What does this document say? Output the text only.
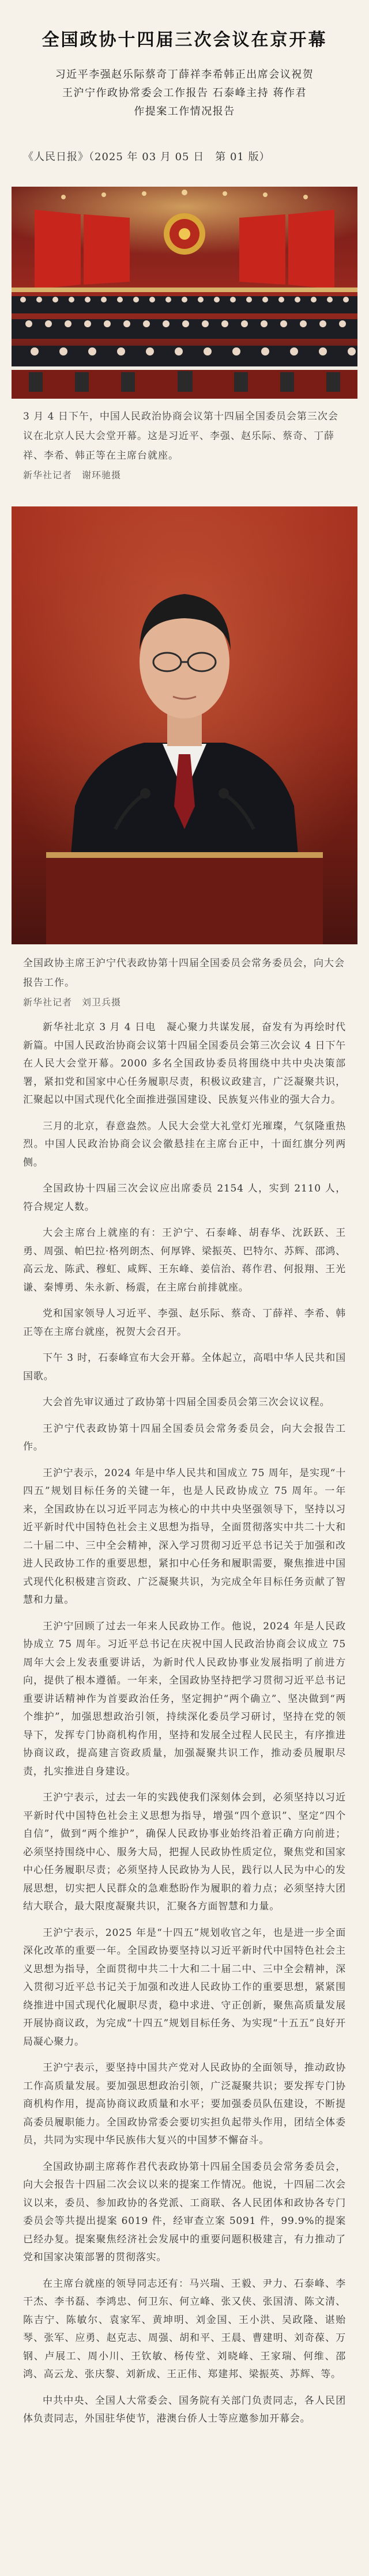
全国政协十四届三次会议在京开幕
习近平李强赵乐际蔡奇丁薛祥李希韩正出席会议祝贺
王沪宁作政协常委会工作报告 石泰峰主持 蒋作君
作提案工作情况报告
《人民日报》（2025 年 03 月 05 日　第 01 版）
3 月 4 日下午，中国人民政治协商会议第十四届全国委员会第三次会议在北京人民大会堂开幕。这是习近平、李强、赵乐际、蔡奇、丁薛祥、李希、韩正等在主席台就座。
新华社记者　谢环驰摄
全国政协主席王沪宁代表政协第十四届全国委员会常务委员会，向大会报告工作。
新华社记者　刘卫兵摄

新华社北京 3 月 4 日电　凝心聚力共谋发展，奋发有为再绘时代新篇。中国人民政治协商会议第十四届全国委员会第三次会议 4 日下午在人民大会堂开幕。2000 多名全国政协委员将围绕中共中央决策部署，紧扣党和国家中心任务履职尽责，积极议政建言，广泛凝聚共识，汇聚起以中国式现代化全面推进强国建设、民族复兴伟业的强大合力。

三月的北京，春意盎然。人民大会堂大礼堂灯光璀璨，气氛隆重热烈。中国人民政治协商会议会徽悬挂在主席台正中，十面红旗分列两侧。

全国政协十四届三次会议应出席委员 2154 人，实到 2110 人，符合规定人数。

大会主席台上就座的有：王沪宁、石泰峰、胡春华、沈跃跃、王勇、周强、帕巴拉·格列朗杰、何厚铧、梁振英、巴特尔、苏辉、邵鸿、高云龙、陈武、穆虹、咸辉、王东峰、姜信治、蒋作君、何报翔、王光谦、秦博勇、朱永新、杨震，在主席台前排就座。

党和国家领导人习近平、李强、赵乐际、蔡奇、丁薛祥、李希、韩正等在主席台就座，祝贺大会召开。

下午 3 时，石泰峰宣布大会开幕。全体起立，高唱中华人民共和国国歌。

大会首先审议通过了政协第十四届全国委员会第三次会议议程。

王沪宁代表政协第十四届全国委员会常务委员会，向大会报告工作。

王沪宁表示，2024 年是中华人民共和国成立 75 周年，是实现“十四五”规划目标任务的关键一年，也是人民政协成立 75 周年。一年来，全国政协在以习近平同志为核心的中共中央坚强领导下，坚持以习近平新时代中国特色社会主义思想为指导，全面贯彻落实中共二十大和二十届二中、三中全会精神，深入学习贯彻习近平总书记关于加强和改进人民政协工作的重要思想，紧扣中心任务和履职需要，聚焦推进中国式现代化积极建言资政、广泛凝聚共识，为完成全年目标任务贡献了智慧和力量。

王沪宁回顾了过去一年来人民政协工作。他说，2024 年是人民政协成立 75 周年。习近平总书记在庆祝中国人民政治协商会议成立 75 周年大会上发表重要讲话，为新时代人民政协事业发展指明了前进方向，提供了根本遵循。一年来，全国政协坚持把学习贯彻习近平总书记重要讲话精神作为首要政治任务，坚定拥护“两个确立”、坚决做到“两个维护”，加强思想政治引领，持续深化委员学习研讨，坚持在党的领导下，发挥专门协商机构作用，坚持和发展全过程人民民主，有序推进协商议政，提高建言资政质量，加强凝聚共识工作，推动委员履职尽责，扎实推进自身建设。

王沪宁表示，过去一年的实践使我们深刻体会到，必须坚持以习近平新时代中国特色社会主义思想为指导，增强“四个意识”、坚定“四个自信”，做到“两个维护”，确保人民政协事业始终沿着正确方向前进；必须坚持围绕中心、服务大局，把握人民政协性质定位，聚焦党和国家中心任务履职尽责；必须坚持人民政协为人民，践行以人民为中心的发展思想，切实把人民群众的急难愁盼作为履职的着力点；必须坚持大团结大联合，最大限度凝聚共识，汇聚各方面智慧和力量。

王沪宁表示，2025 年是“十四五”规划收官之年，也是进一步全面深化改革的重要一年。全国政协要坚持以习近平新时代中国特色社会主义思想为指导，全面贯彻中共二十大和二十届二中、三中全会精神，深入贯彻习近平总书记关于加强和改进人民政协工作的重要思想，紧紧围绕推进中国式现代化履职尽责，稳中求进、守正创新，聚焦高质量发展开展协商议政，为完成“十四五”规划目标任务、为实现“十五五”良好开局凝心聚力。

王沪宁表示，要坚持中国共产党对人民政协的全面领导，推动政协工作高质量发展。要加强思想政治引领，广泛凝聚共识；要发挥专门协商机构作用，提高协商议政质量和水平；要加强委员队伍建设，不断提高委员履职能力。全国政协常委会要切实担负起带头作用，团结全体委员，共同为实现中华民族伟大复兴的中国梦不懈奋斗。

全国政协副主席蒋作君代表政协第十四届全国委员会常务委员会，向大会报告十四届二次会议以来的提案工作情况。他说，十四届二次会议以来，委员、参加政协的各党派、工商联、各人民团体和政协各专门委员会等共提出提案 6019 件，经审查立案 5091 件，99.9%的提案已经办复。提案聚焦经济社会发展中的重要问题积极建言，有力推动了党和国家决策部署的贯彻落实。

在主席台就座的领导同志还有：马兴瑞、王毅、尹力、石泰峰、李干杰、李书磊、李鸿忠、何卫东、何立峰、张又侠、张国清、陈文清、陈吉宁、陈敏尔、袁家军、黄坤明、刘金国、王小洪、吴政隆、谌贻琴、张军、应勇、赵克志、周强、胡和平、王晨、曹建明、刘奇葆、万钢、卢展工、周小川、王钦敏、杨传堂、刘晓峰、王家瑞、何维、邵鸿、高云龙、张庆黎、刘新成、王正伟、郑建邦、梁振英、苏辉、等。

中共中央、全国人大常委会、国务院有关部门负责同志，各人民团体负责同志，外国驻华使节，港澳台侨人士等应邀参加开幕会。
